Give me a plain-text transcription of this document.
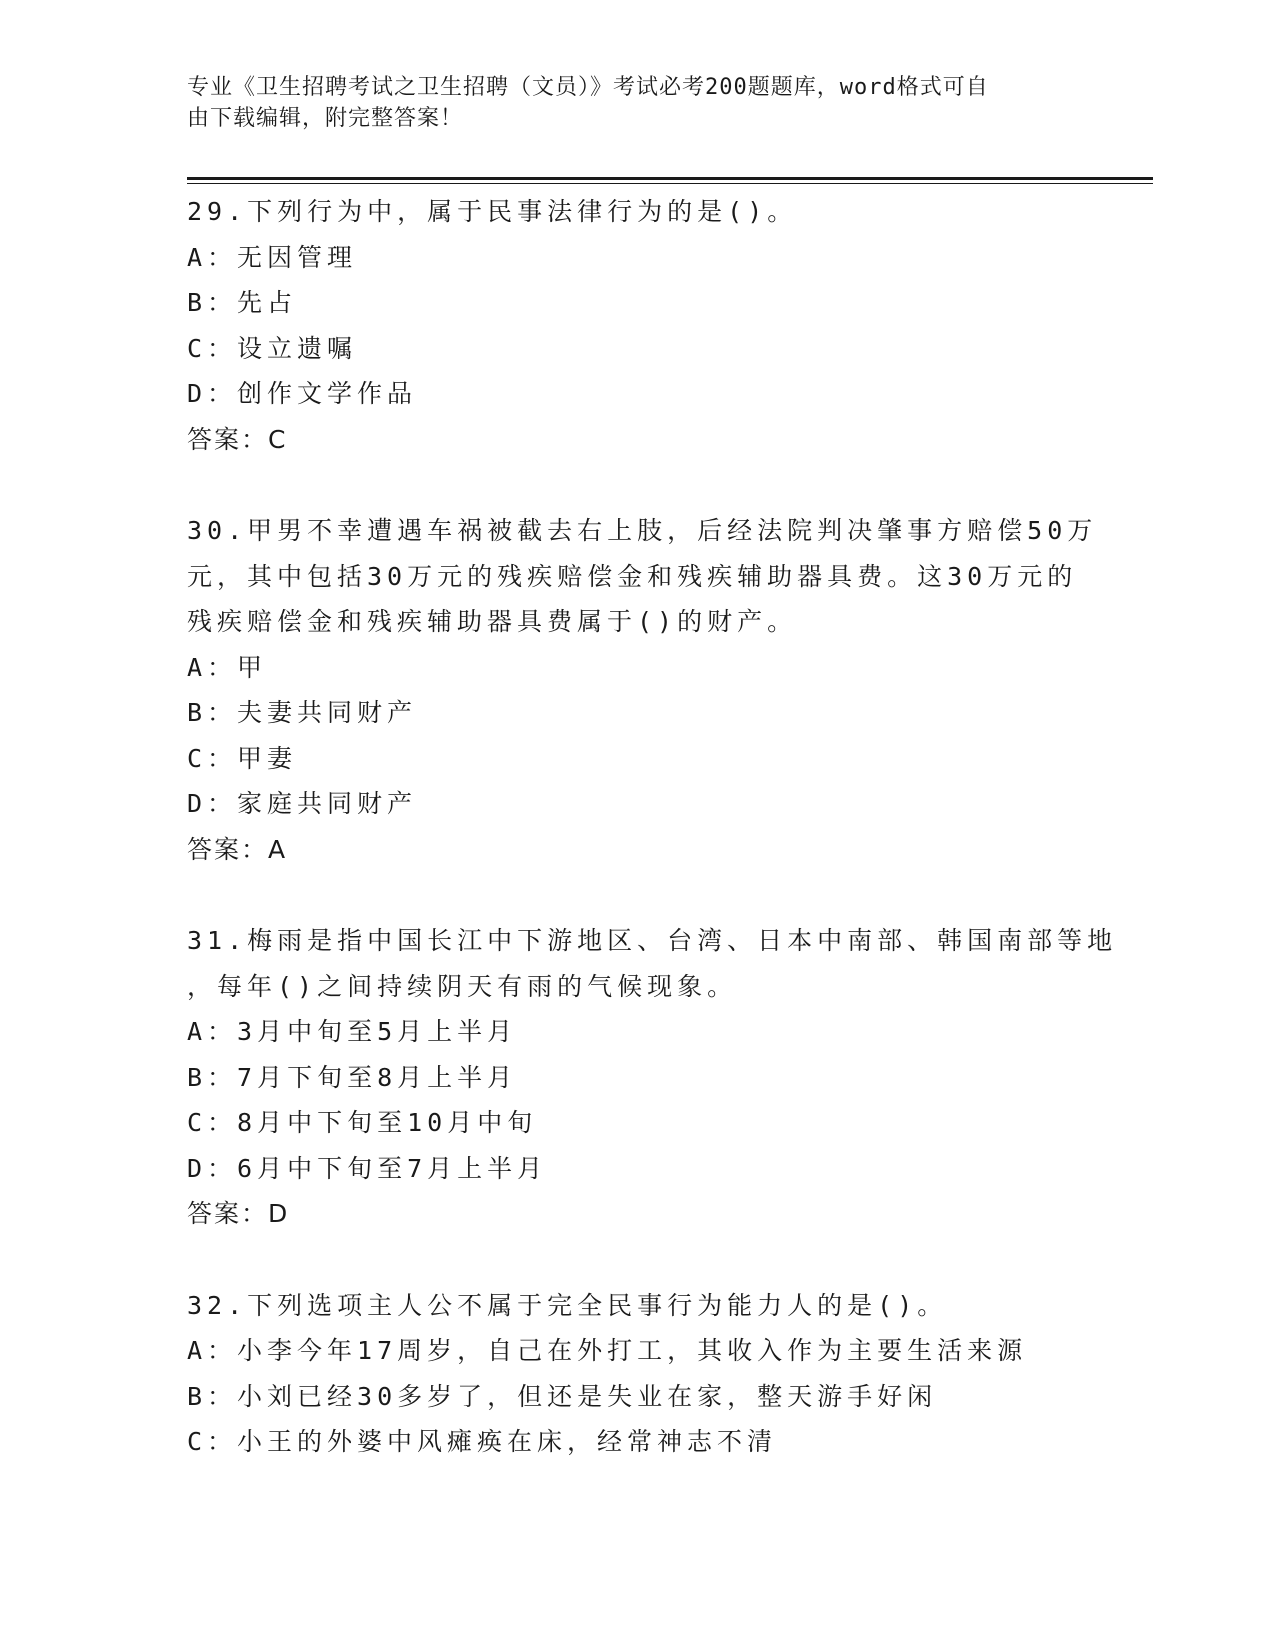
专业《卫生招聘考试之卫生招聘（文员）》考试必考200题题库，word格式可自
由下载编辑，附完整答案！
29.下列行为中，属于民事法律行为的是()。
A：无因管理
B：先占
C：设立遗嘱
D：创作文学作品
答案：C
30.甲男不幸遭遇车祸被截去右上肢，后经法院判决肇事方赔偿50万
元，其中包括30万元的残疾赔偿金和残疾辅助器具费。这30万元的
残疾赔偿金和残疾辅助器具费属于()的财产。
A：甲
B：夫妻共同财产
C：甲妻
D：家庭共同财产
答案：A
31.梅雨是指中国长江中下游地区、台湾、日本中南部、韩国南部等地
，每年()之间持续阴天有雨的气候现象。
A：3月中旬至5月上半月
B：7月下旬至8月上半月
C：8月中下旬至10月中旬
D：6月中下旬至7月上半月
答案：D
32.下列选项主人公不属于完全民事行为能力人的是()。
A：小李今年17周岁，自己在外打工，其收入作为主要生活来源
B：小刘已经30多岁了，但还是失业在家，整天游手好闲
C：小王的外婆中风瘫痪在床，经常神志不清
